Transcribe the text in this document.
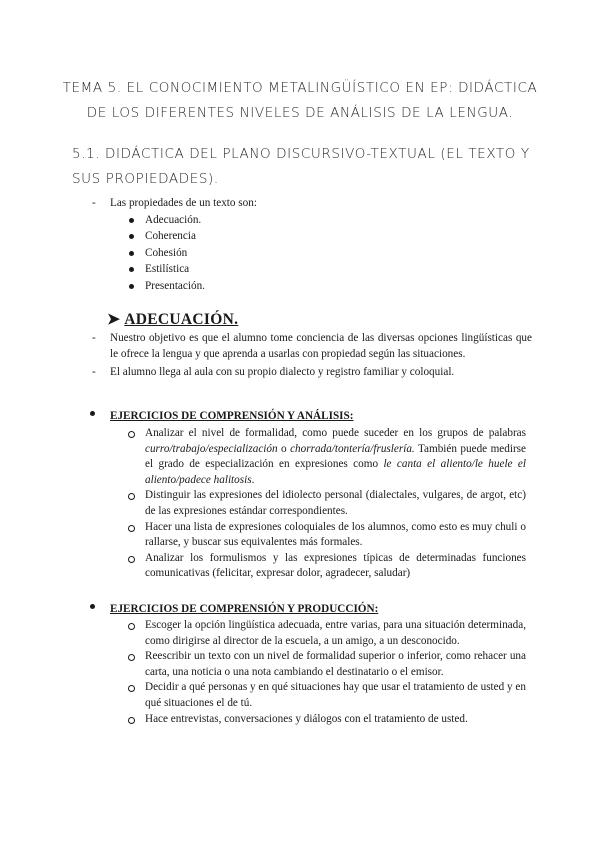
TEMA 5. EL CONOCIMIENTO METALINGÜÍSTICO EN EP: DIDÁCTICA
DE LOS DIFERENTES NIVELES DE ANÁLISIS DE LA LENGUA.
5.1. DIDÁCTICA DEL PLANO DISCURSIVO-TEXTUAL (EL TEXTO Y
SUS PROPIEDADES).
- Las propiedades de un texto son:
Adecuación.
Coherencia
Cohesión
Estilística
Presentación.
➤ ADECUACIÓN.
- Nuestro objetivo es que el alumno tome conciencia de las diversas opciones lingüísticas que le ofrece la lengua y que aprenda a usarlas con propiedad según las situaciones.
- El alumno llega al aula con su propio dialecto y registro familiar y coloquial.
EJERCICIOS DE COMPRENSIÓN Y ANÁLISIS:
Analizar el nivel de formalidad, como puede suceder en los grupos de palabras curro/trabajo/especialización o chorrada/tontería/fruslería. También puede medirse el grado de especialización en expresiones como le canta el aliento/le huele el aliento/padece halitosis.
Distinguir las expresiones del idiolecto personal (dialectales, vulgares, de argot, etc) de las expresiones estándar correspondientes.
Hacer una lista de expresiones coloquiales de los alumnos, como esto es muy chuli o rallarse, y buscar sus equivalentes más formales.
Analizar los formulismos y las expresiones típicas de determinadas funciones comunicativas (felicitar, expresar dolor, agradecer, saludar)
EJERCICIOS DE COMPRENSIÓN Y PRODUCCIÓN:
Escoger la opción lingüística adecuada, entre varias, para una situación determinada, como dirigirse al director de la escuela, a un amigo, a un desconocido.
Reescribir un texto con un nivel de formalidad superior o inferior, como rehacer una carta, una noticia o una nota cambiando el destinatario o el emisor.
Decidir a qué personas y en qué situaciones hay que usar el tratamiento de usted y en qué situaciones el de tú.
Hace entrevistas, conversaciones y diálogos con el tratamiento de usted.
